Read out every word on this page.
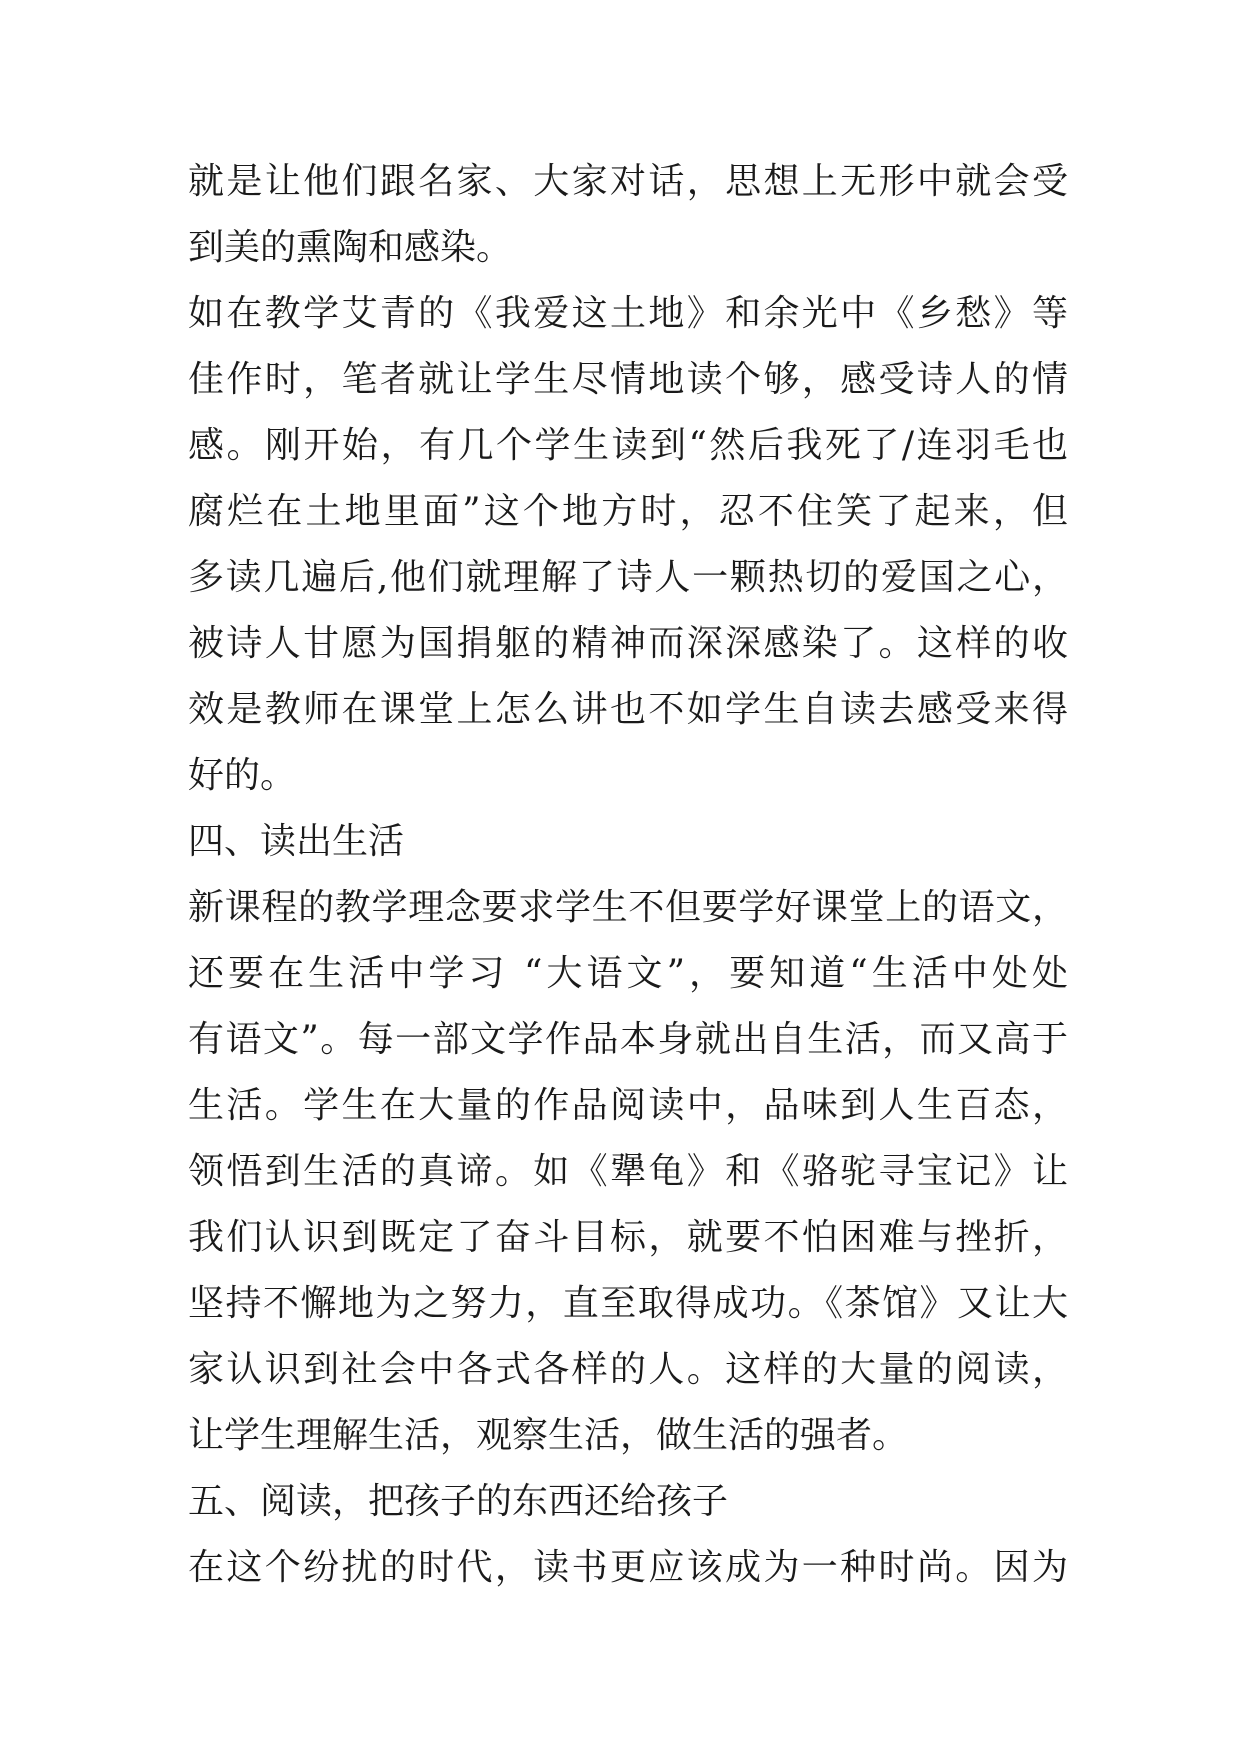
就是让他们跟名家、大家对话，思想上无形中就会受
到美的熏陶和感染。
如在教学艾青的《我爱这土地》和余光中《乡愁》等
佳作时，笔者就让学生尽情地读个够，感受诗人的情
感。刚开始，有几个学生读到“然后我死了/连羽毛也
腐烂在土地里面”这个地方时，忍不住笑了起来，但
多读几遍后,他们就理解了诗人一颗热切的爱国之心，
被诗人甘愿为国捐躯的精神而深深感染了。这样的收
效是教师在课堂上怎么讲也不如学生自读去感受来得
好的。
四、读出生活
新课程的教学理念要求学生不但要学好课堂上的语文，
还要在生活中学习 “大语文”，要知道“生活中处处
有语文”。每一部文学作品本身就出自生活，而又高于
生活。学生在大量的作品阅读中，品味到人生百态，
领悟到生活的真谛。如《犟龟》和《骆驼寻宝记》让
我们认识到既定了奋斗目标，就要不怕困难与挫折，
坚持不懈地为之努力，直至取得成功。《茶馆》又让大
家认识到社会中各式各样的人。这样的大量的阅读，
让学生理解生活，观察生活，做生活的强者。
五、阅读，把孩子的东西还给孩子
在这个纷扰的时代，读书更应该成为一种时尚。因为
